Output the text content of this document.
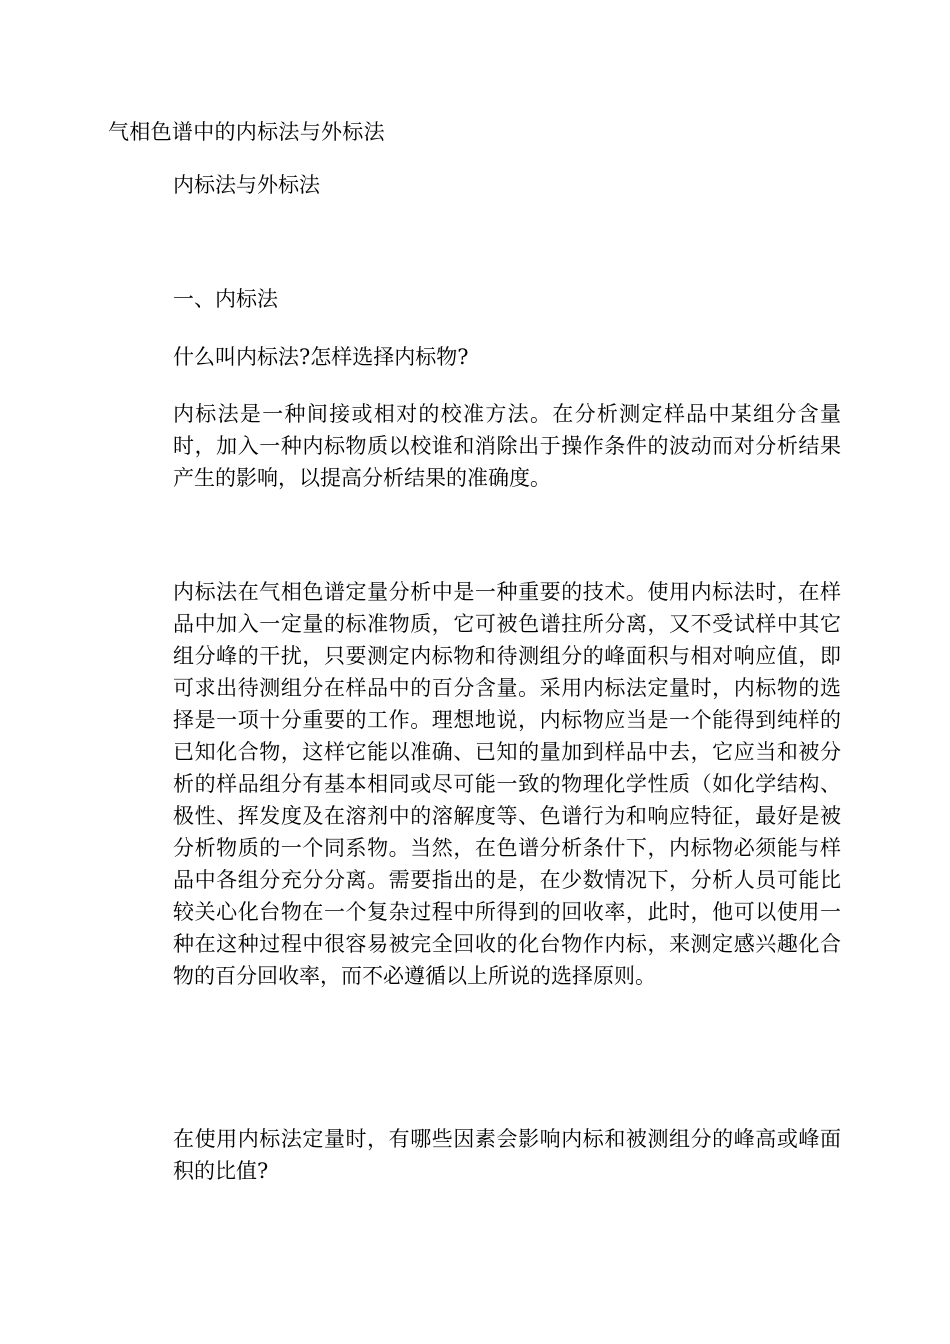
气相色谱中的内标法与外标法
内标法与外标法
一、内标法
什么叫内标法?怎样选择内标物?
内标法是一种间接或相对的校准方法。在分析测定样品中某组分含量时，加入一种内标物质以校谁和消除出于操作条件的波动而对分析结果产生的影响，以提高分析结果的准确度。
内标法在气相色谱定量分析中是一种重要的技术。使用内标法时，在样品中加入一定量的标准物质，它可被色谱拄所分离，又不受试样中其它组分峰的干扰，只要测定内标物和待测组分的峰面积与相对响应值，即可求出待测组分在样品中的百分含量。采用内标法定量时，内标物的选择是一项十分重要的工作。理想地说，内标物应当是一个能得到纯样的已知化合物，这样它能以准确、已知的量加到样品中去，它应当和被分析的样品组分有基本相同或尽可能一致的物理化学性质（如化学结构、极性、挥发度及在溶剂中的溶解度等、色谱行为和响应特征，最好是被分析物质的一个同系物。当然，在色谱分析条什下，内标物必须能与样品中各组分充分分离。需要指出的是，在少数情况下，分析人员可能比较关心化台物在一个复杂过程中所得到的回收率，此时，他可以使用一种在这种过程中很容易被完全回收的化台物作内标，来测定感兴趣化合物的百分回收率，而不必遵循以上所说的选择原则。
在使用内标法定量时，有哪些因素会影响内标和被测组分的峰高或峰面积的比值?
